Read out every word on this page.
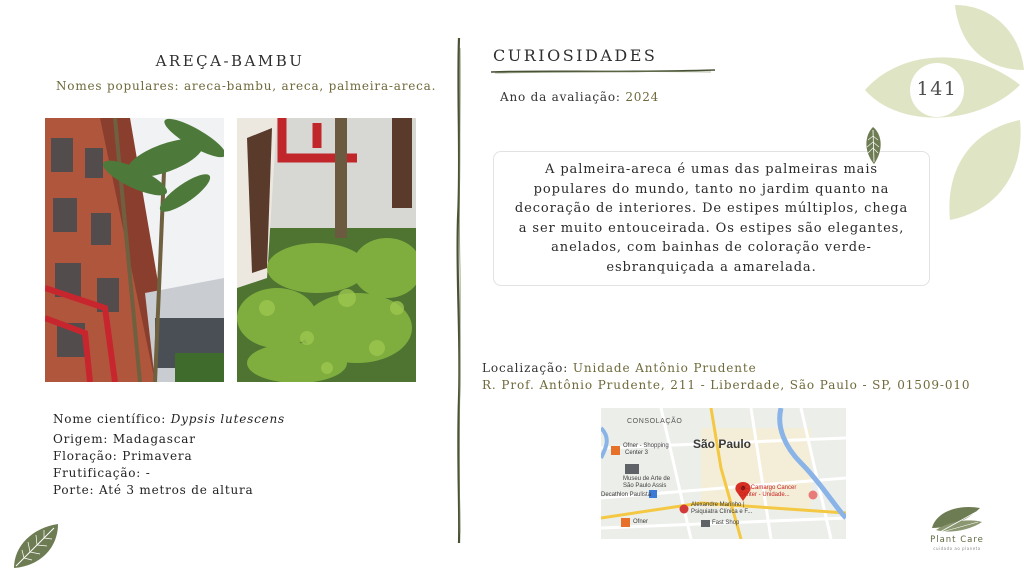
AREÇA-BAMBU
Nomes populares: areca-bambu, areca, palmeira-areca.
Nome científico: Dypsis lutescens
Origem: Madagascar
Floração: Primavera
Frutificação: -
Porte: Até 3 metros de altura
CURIOSIDADES
Ano da avaliação: 2024
A palmeira-areca é umas das palmeiras mais populares do mundo, tanto no jardim quanto na decoração de interiores. De estipes múltiplos, chega a ser muito entouceirada. Os estipes são elegantes, anelados, com bainhas de coloração verde-esbranquiçada a amarelada.
Localização: Unidade Antônio Prudente
R. Prof. Antônio Prudente, 211 - Liberdade, São Paulo - SP, 01509-010
CONSOLAÇÃO
São Paulo
Ofner - Shopping
Center 3
Museu de Arte de
São Paulo Assis
Decathlon Paulista
A.C.Camargo Cancer
Center - Unidade...
Alexandre Marinho |
Psiquiatra Clínica e F...
Ofner	Fast Shop
141
Plant Care
cuidado ao planeta
